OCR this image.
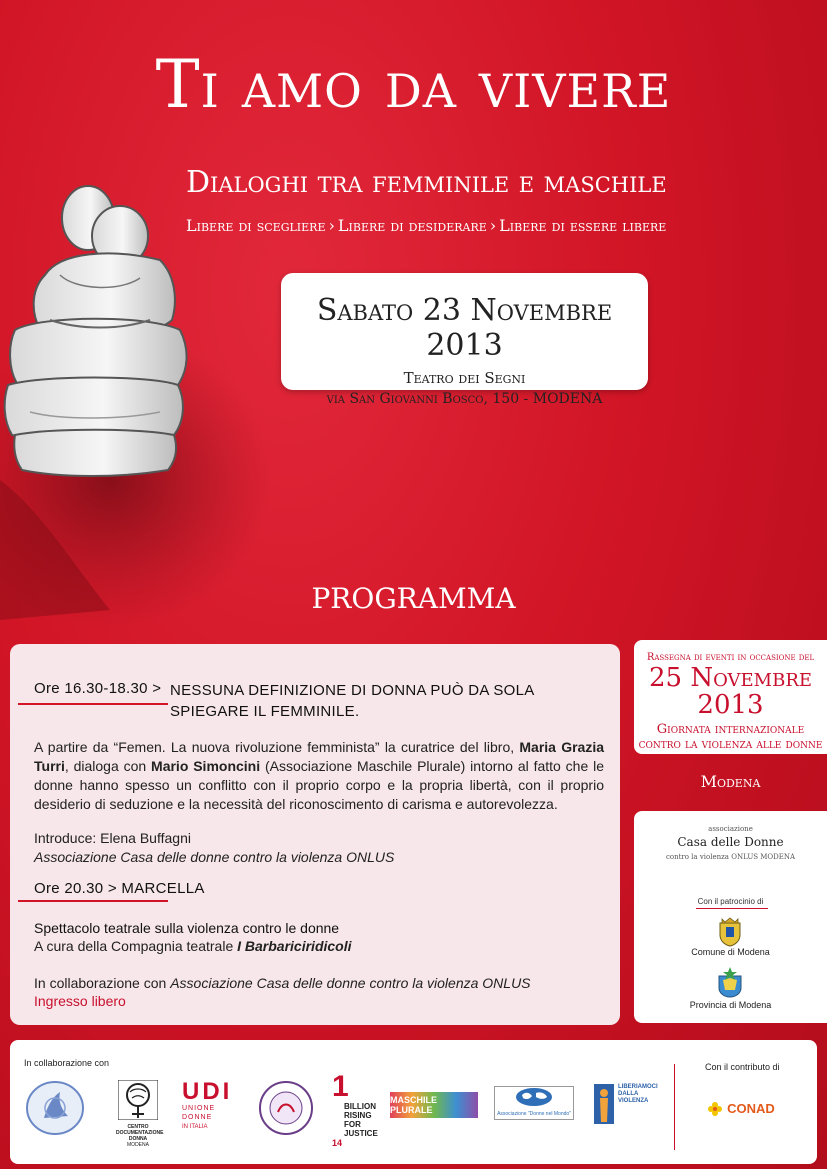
Ti amo da vivere
Dialoghi tra femminile e maschile
Libere di scegliere › Libere di desiderare › Libere di essere libere
Sabato 23 Novembre 2013
Teatro dei Segni
via San Giovanni Bosco, 150 - MODENA
PROGRAMMA
Ore 16.30-18.30 > NESSUNA DEFINIZIONE DI DONNA PUÒ DA SOLA SPIEGARE IL FEMMINILE.
A partire da “Femen. La nuova rivoluzione femminista” la curatrice del libro, Maria Grazia Turri, dialoga con Mario Simoncini (Associazione Maschile Plurale) intorno al fatto che le donne hanno spesso un conflitto con il proprio corpo e la propria libertà, con il proprio desiderio di seduzione e la necessità del riconoscimento di carisma e autorevolezza.
Introduce: Elena Buffagni
Associazione Casa delle donne contro la violenza ONLUS
Ore 20.30 > MARCELLA
Spettacolo teatrale sulla violenza contro le donne
A cura della Compagnia teatrale I Barbariciridicoli
In collaborazione con Associazione Casa delle donne contro la violenza ONLUS
Ingresso libero
Rassegna di eventi in occasione del
25 Novembre 2013
Giornata internazionale
contro la violenza alle donne
Modena
associazione
Casa delle Donne
contro la violenza ONLUS MODENA
Con il patrocinio di
Comune di Modena
Provincia di Modena
In collaborazione con	Con il contributo di
CENTRO DOCUMENTAZIONE DONNA
MODENA
UDI
UNIONE DONNE
IN ITALIA
1
BILLION RISING FOR JUSTICE
14
MASCHILE PLURALE	Associazione "Donne nel Mondo"
LIBERIAMOCI DALLA VIOLENZA	CONAD
